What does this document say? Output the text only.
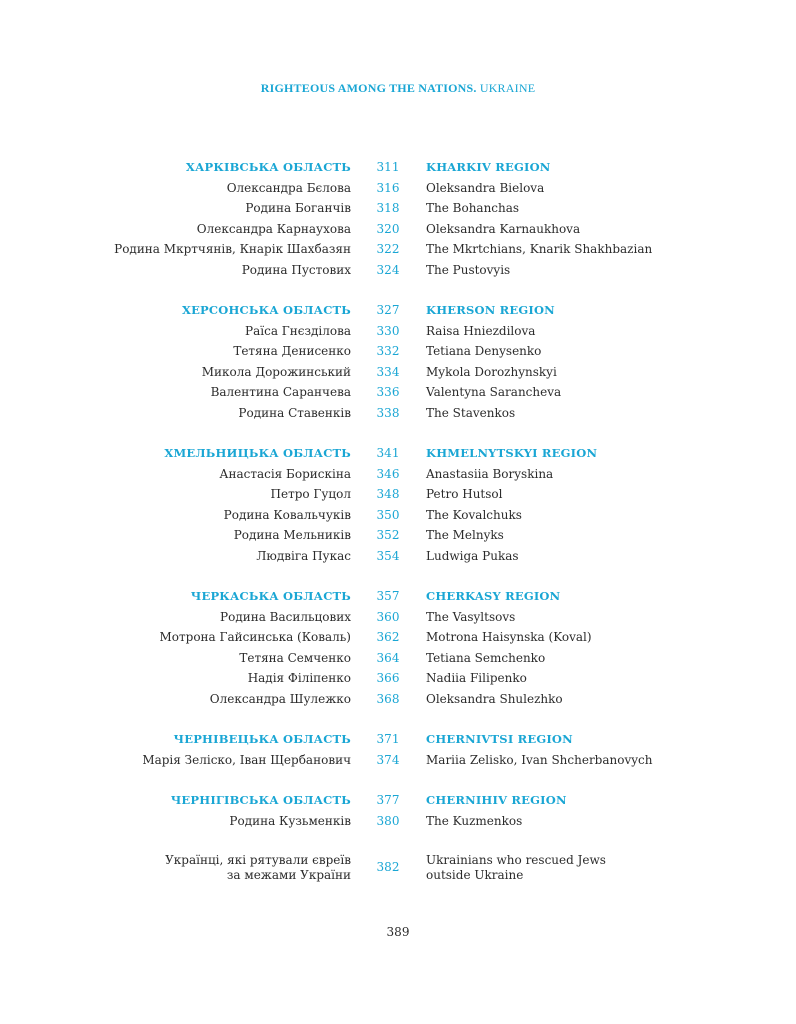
RIGHTEOUS AMONG THE NATIONS. UKRAINE
ХАРКІВСЬКА ОБЛАСТЬ 311	KHARKIV REGION
Олександра Бєлова 316 Oleksandra Bielova
Родина Боганчів 318 The Bohanchas
Олександра Карнаухова 320 Oleksandra Karnaukhova
Родина Мкртчянів, Кнарік Шахбазян 322 The Mkrtchians, Knarik Shakhbazian
Родина Пустових 324 The Pustovyis
ХЕРСОНСЬКА ОБЛАСТЬ 327	KHERSON REGION
Раїса Гнєзділова 330 Raisa Hniezdilova
Тетяна Денисенко 332 Tetiana Denysenko
Микола Дорожинський 334 Mykola Dorozhynskyi
Валентина Саранчева 336 Valentyna Sarancheva
Родина Ставенків 338 The Stavenkos
ХМЕЛЬНИЦЬКА ОБЛАСТЬ 341	KHMELNYTSKYI REGION
Анастасія Борискіна 346 Anastasiia Boryskina
Петро Гуцол 348 Petro Hutsol
Родина Ковальчуків 350 The Kovalchuks
Родина Мельників 352 The Melnyks
Людвіга Пукас 354 Ludwiga Pukas
ЧЕРКАСЬКА ОБЛАСТЬ 357	CHERKASY REGION
Родина Васильцових 360 The Vasyltsovs
Мотрона Гайсинська (Коваль) 362 Motrona Haisynska (Koval)
Тетяна Семченко 364 Tetiana Semchenko
Надія Філіпенко 366 Nadiia Filipenko
Олександра Шулежко 368 Oleksandra Shulezhko
ЧЕРНІВЕЦЬКА ОБЛАСТЬ 371	CHERNIVTSI REGION
Марія Зеліско, Іван Щербанович 374 Mariia Zelisko, Ivan Shcherbanovych
ЧЕРНІГІВСЬКА ОБЛАСТЬ 377	CHERNIHIV REGION
Родина Кузьменків 380 The Kuzmenkos
Українці, які рятували євреїв
за межами України
382 Ukrainians who rescued Jews
outside Ukraine
389
